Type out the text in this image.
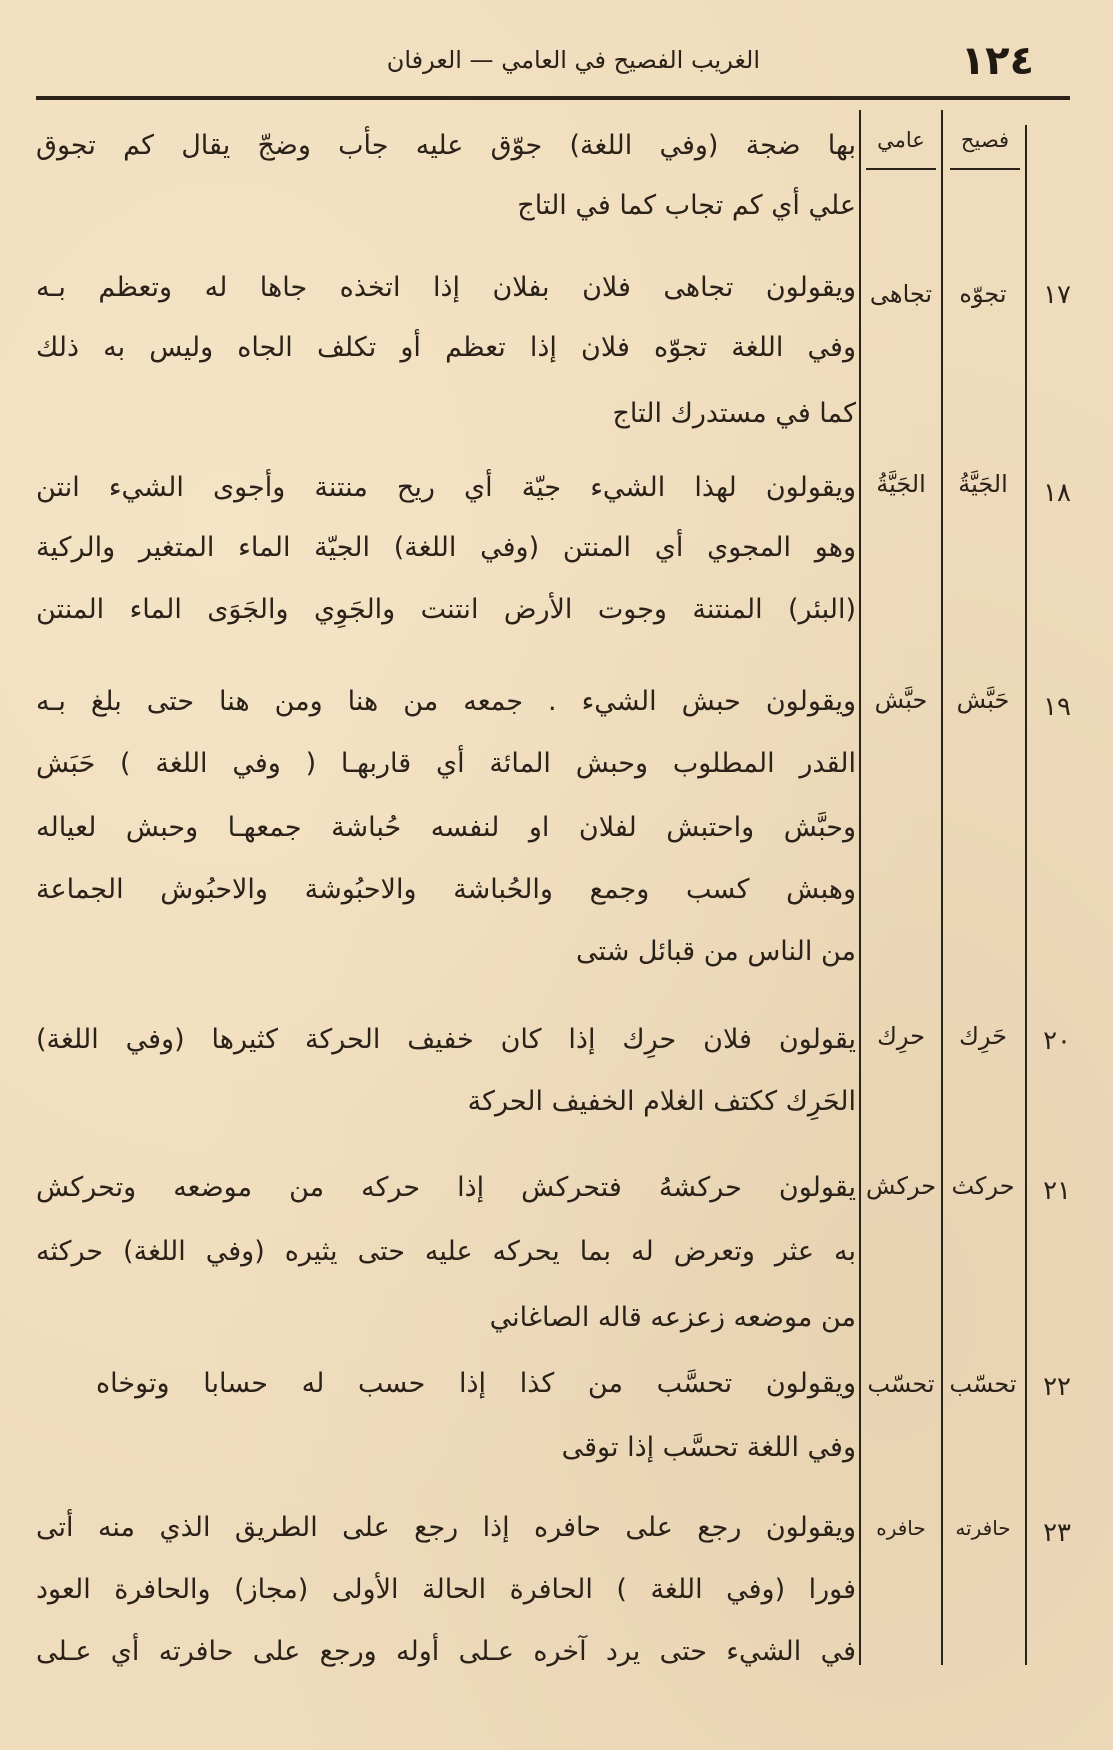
١٢٤
الغريب الفصيح في العامي — العرفان
فصيح
عامي
بها ضجة (وفي اللغة) جوّق عليه جأب وضجّ يقال كم تجوق
علي أي كم تجاب كما في التاج
١٧
تجوّه
تجاهى
ويقولون تجاهى فلان بفلان إذا اتخذه جاها له وتعظم بـه
وفي اللغة تجوّه فلان إذا تعظم أو تكلف الجاه وليس به ذلك
كما في مستدرك التاج
١٨
الجَيَّةُ
الجَيَّةُ
ويقولون لهذا الشيء جيّة أي ريح منتنة وأجوى الشيء انتن
وهو المجوي أي المنتن (وفي اللغة) الجيّة الماء المتغير والركية
(البئر) المنتنة وجوت الأرض انتنت والجَوِي والجَوَى الماء المنتن
١٩
حَبَّش
حبَّش
ويقولون حبش الشيء . جمعه من هنا ومن هنا حتى بلغ بـه
القدر المطلوب وحبش المائة أي قاربهـا ( وفي اللغة ) حَبَش
وحبَّش واحتبش لفلان او لنفسه حُباشة جمعهـا وحبش لعياله
وهبش كسب وجمع والحُباشة والاحبُوشة والاحبُوش الجماعة
من الناس من قبائل شتى
٢٠
حَرِك
حرِك
يقولون فلان حرِك إذا كان خفيف الحركة كثيرها (وفي اللغة)
الحَرِك ككتف الغلام الخفيف الحركة
٢١
حركث
حركش
يقولون حركشهُ فتحركش إذا حركه من موضعه وتحركش
به عثر وتعرض له بما يحركه عليه حتى يثيره (وفي اللغة) حركثه
من موضعه زعزعه قاله الصاغاني
٢٢
تحسّب
تحسّب
ويقولون تحسَّب من كذا إذا حسب له حسابا وتوخاه
وفي اللغة تحسَّب إذا توقى
٢٣
حافرته
حافره
ويقولون رجع على حافره إذا رجع على الطريق الذي منه أتى
فورا (وفي اللغة ) الحافرة الحالة الأولى (مجاز) والحافرة العود
في الشيء حتى يرد آخره عـلى أوله ورجع على حافرته أي عـلى
